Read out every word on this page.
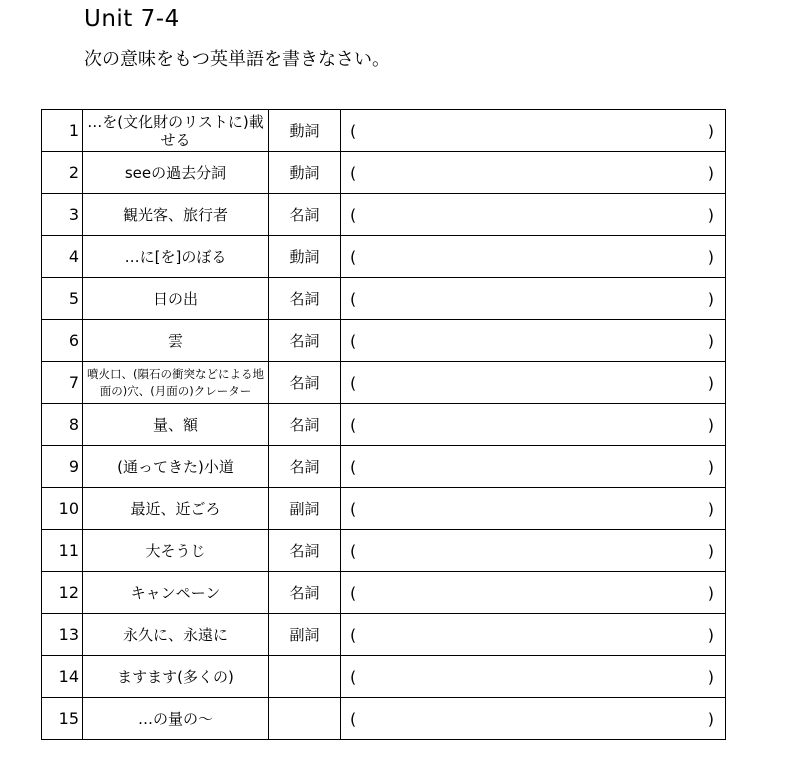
Unit 7-4
次の意味をもつ英単語を書きなさい。
1	…を(文化財のリストに)載せる	動詞	( )

2	seeの過去分詞	動詞	( )

3	観光客、旅行者	名詞	( )

4	…に[を]のぼる	動詞	( )

5	日の出	名詞	( )

6	雲	名詞	( )

7	噴火口、(隕石の衝突などによる地面の)穴、(月面の)クレーター	名詞	( )

8	量、額	名詞	( )

9	(通ってきた)小道	名詞	( )

10	最近、近ごろ	副詞	( )

11	大そうじ	名詞	( )

12	キャンペーン	名詞	( )

13	永久に、永遠に	副詞	( )

14	ますます(多くの)		( )

15	…の量の～		( )
